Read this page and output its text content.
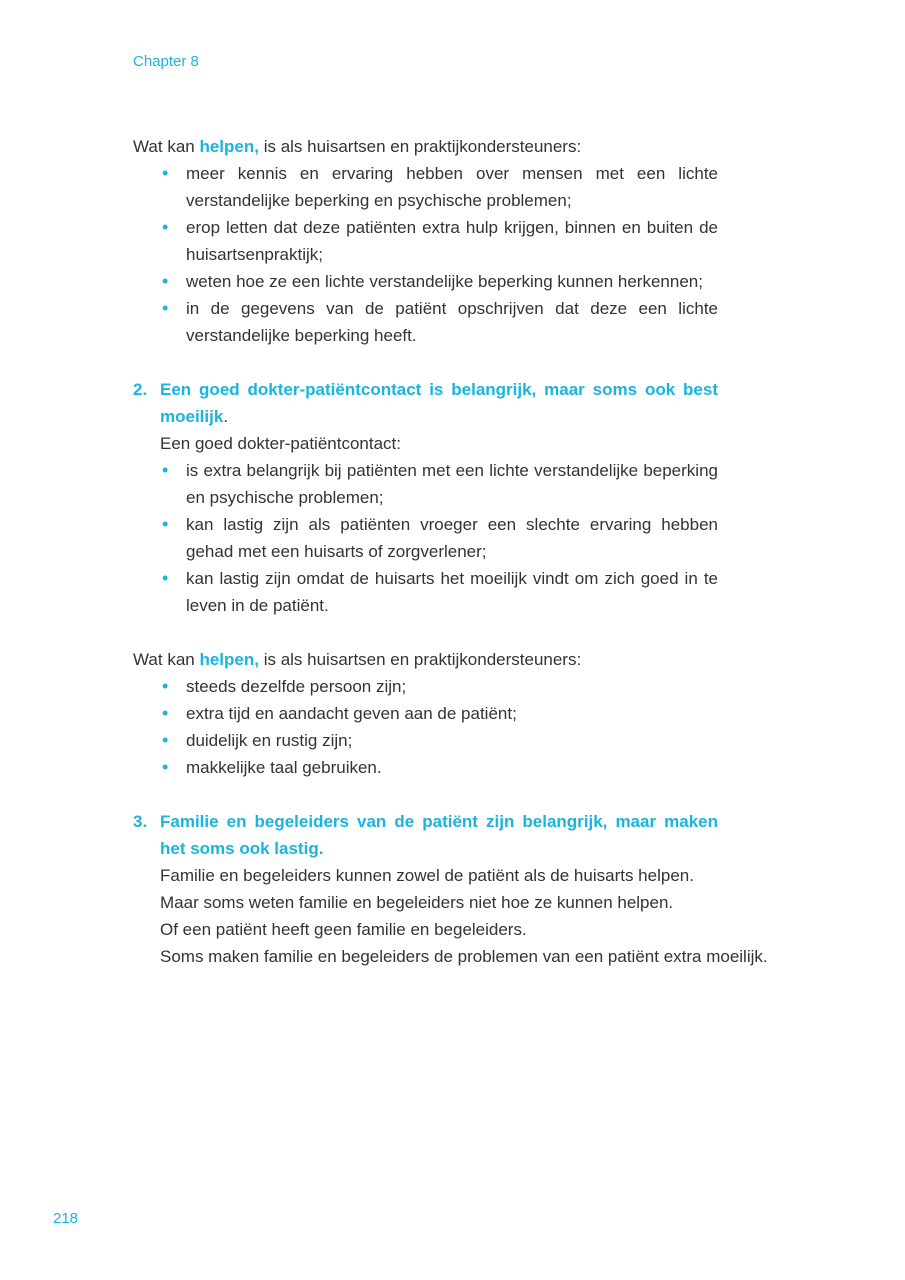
Chapter 8

Wat kan helpen, is als huisartsen en praktijkondersteuners:

• meer kennis en ervaring hebben over mensen met een lichte verstandelijke beperking en psychische problemen;
• erop letten dat deze patiënten extra hulp krijgen, binnen en buiten de huisartsenpraktijk;
• weten hoe ze een lichte verstandelijke beperking kunnen herkennen;
• in de gegevens van de patiënt opschrijven dat deze een lichte verstandelijke beperking heeft.

2. Een goed dokter-patiëntcontact is belangrijk, maar soms ook best moeilijk.

Een goed dokter-patiëntcontact:

• is extra belangrijk bij patiënten met een lichte verstandelijke beperking en psychische problemen;
• kan lastig zijn als patiënten vroeger een slechte ervaring hebben gehad met een huisarts of zorgverlener;
• kan lastig zijn omdat de huisarts het moeilijk vindt om zich goed in te leven in de patiënt.

Wat kan helpen, is als huisartsen en praktijkondersteuners:

• steeds dezelfde persoon zijn;
• extra tijd en aandacht geven aan de patiënt;
• duidelijk en rustig zijn;
• makkelijke taal gebruiken.

3. Familie en begeleiders van de patiënt zijn belangrijk, maar maken het soms ook lastig.

Familie en begeleiders kunnen zowel de patiënt als de huisarts helpen.

Maar soms weten familie en begeleiders niet hoe ze kunnen helpen.

Of een patiënt heeft geen familie en begeleiders.

Soms maken familie en begeleiders de problemen van een patiënt extra moeilijk.

218
